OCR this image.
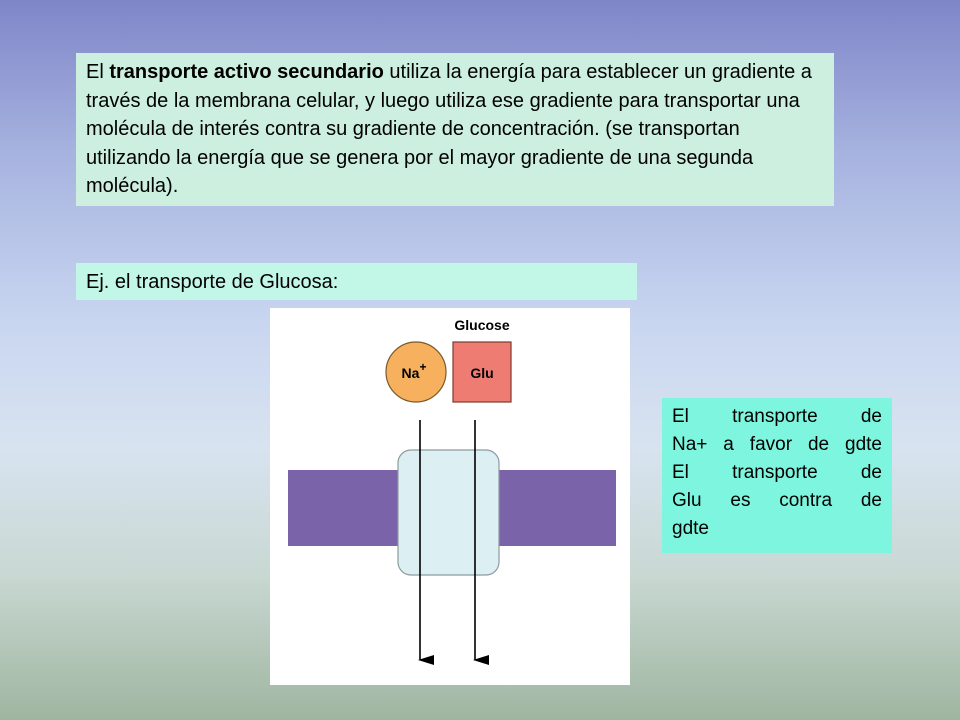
El transporte activo secundario utiliza la energía para establecer un gradiente a través de la membrana celular, y luego utiliza ese gradiente para transportar una molécula de interés contra su gradiente de concentración. (se transportan utilizando la energía que se genera por el mayor gradiente de una segunda molécula).
Ej. el transporte de Glucosa:
Glucose
Na+	Glu
El transporte de
Na+ a favor de gdte
El transporte de
Glu es contra de
gdte
